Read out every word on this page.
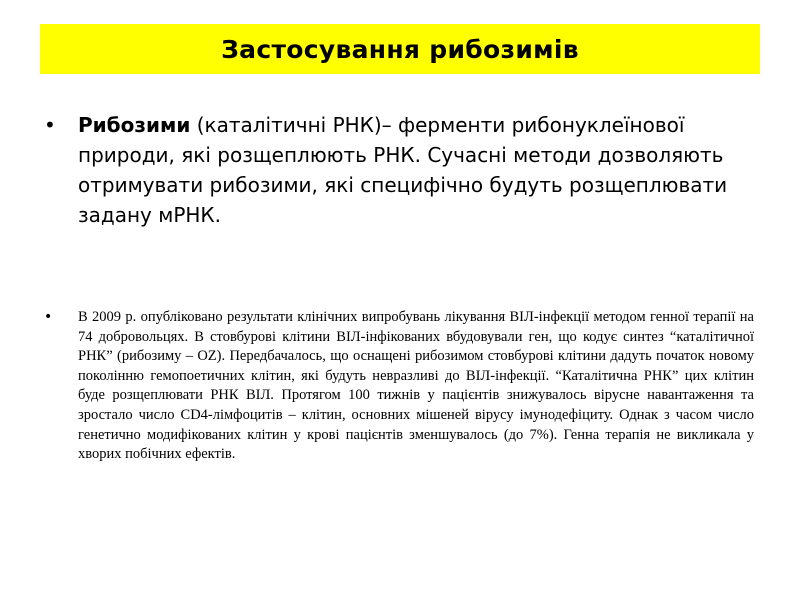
Застосування рибозимів
• Рибозими (каталітичні РНК)– ферменти рибонуклеїнової природи, які розщеплюють РНК. Сучасні методи дозволяють отримувати рибозими, які специфічно будуть розщеплювати задану мРНК.
• В 2009 р. опубліковано результати клінічних випробувань лікування ВІЛ-інфекції методом генної терапії на 74 добровольцях. В стовбурові клітини ВІЛ-інфікованих вбудовували ген, що кодує синтез “каталітичної РНК” (рибозиму – OZ). Передбачалось, що оснащені рибозимом стовбурові клітини дадуть початок новому поколінню гемопоетичних клітин, які будуть невразливі до ВІЛ-інфекції. “Каталітична РНК” цих клітин буде розщеплювати РНК ВІЛ. Протягом 100 тижнів у пацієнтів знижувалось вірусне навантаження та зростало число CD4-лімфоцитів – клітин, основних мішеней вірусу імунодефіциту. Однак з часом число генетично модифікованих клітин у крові пацієнтів зменшувалось (до 7%). Генна терапія не викликала у хворих побічних ефектів.
